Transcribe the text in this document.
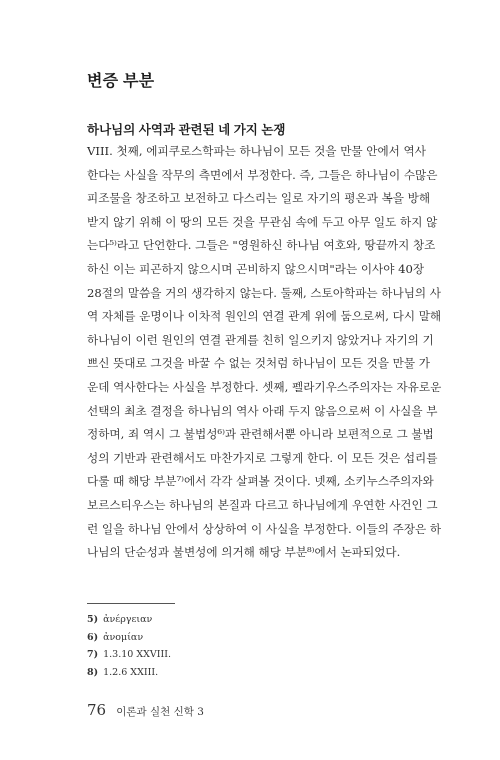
변증 부분
하나님의 사역과 관련된 네 가지 논쟁
VIII. 첫째, 에피쿠로스학파는 하나님이 모든 것을 만물 안에서 역사
한다는 사실을 작무의 측면에서 부정한다. 즉, 그들은 하나님이 수많은
피조물을 창조하고 보전하고 다스리는 일로 자기의 평온과 복을 방해
받지 않기 위해 이 땅의 모든 것을 무관심 속에 두고 아무 일도 하지 않
는다⁵⁾라고 단언한다. 그들은 "영원하신 하나님 여호와, 땅끝까지 창조
하신 이는 피곤하지 않으시며 곤비하지 않으시며"라는 이사야 40장
28절의 말씀을 거의 생각하지 않는다. 둘째, 스토아학파는 하나님의 사
역 자체를 운명이나 이차적 원인의 연결 관계 위에 둠으로써, 다시 말해
하나님이 이런 원인의 연결 관계를 친히 일으키지 않았거나 자기의 기
쁘신 뜻대로 그것을 바꿀 수 없는 것처럼 하나님이 모든 것을 만물 가
운데 역사한다는 사실을 부정한다. 셋째, 펠라기우스주의자는 자유로운
선택의 최초 결정을 하나님의 역사 아래 두지 않음으로써 이 사실을 부
정하며, 죄 역시 그 불법성⁶⁾과 관련해서뿐 아니라 보편적으로 그 불법
성의 기반과 관련해서도 마찬가지로 그렇게 한다. 이 모든 것은 섭리를
다룰 때 해당 부분⁷⁾에서 각각 살펴볼 것이다. 넷째, 소키누스주의자와
보르스티우스는 하나님의 본질과 다르고 하나님에게 우연한 사건인 그
런 일을 하나님 안에서 상상하여 이 사실을 부정한다. 이들의 주장은 하
나님의 단순성과 불변성에 의거해 해당 부분⁸⁾에서 논파되었다.
5) ἀνέργειαν
6) ἀνομίαν
7) 1.3.10 XXVIII.
8) 1.2.6 XXIII.
76 이론과 실천 신학 3
